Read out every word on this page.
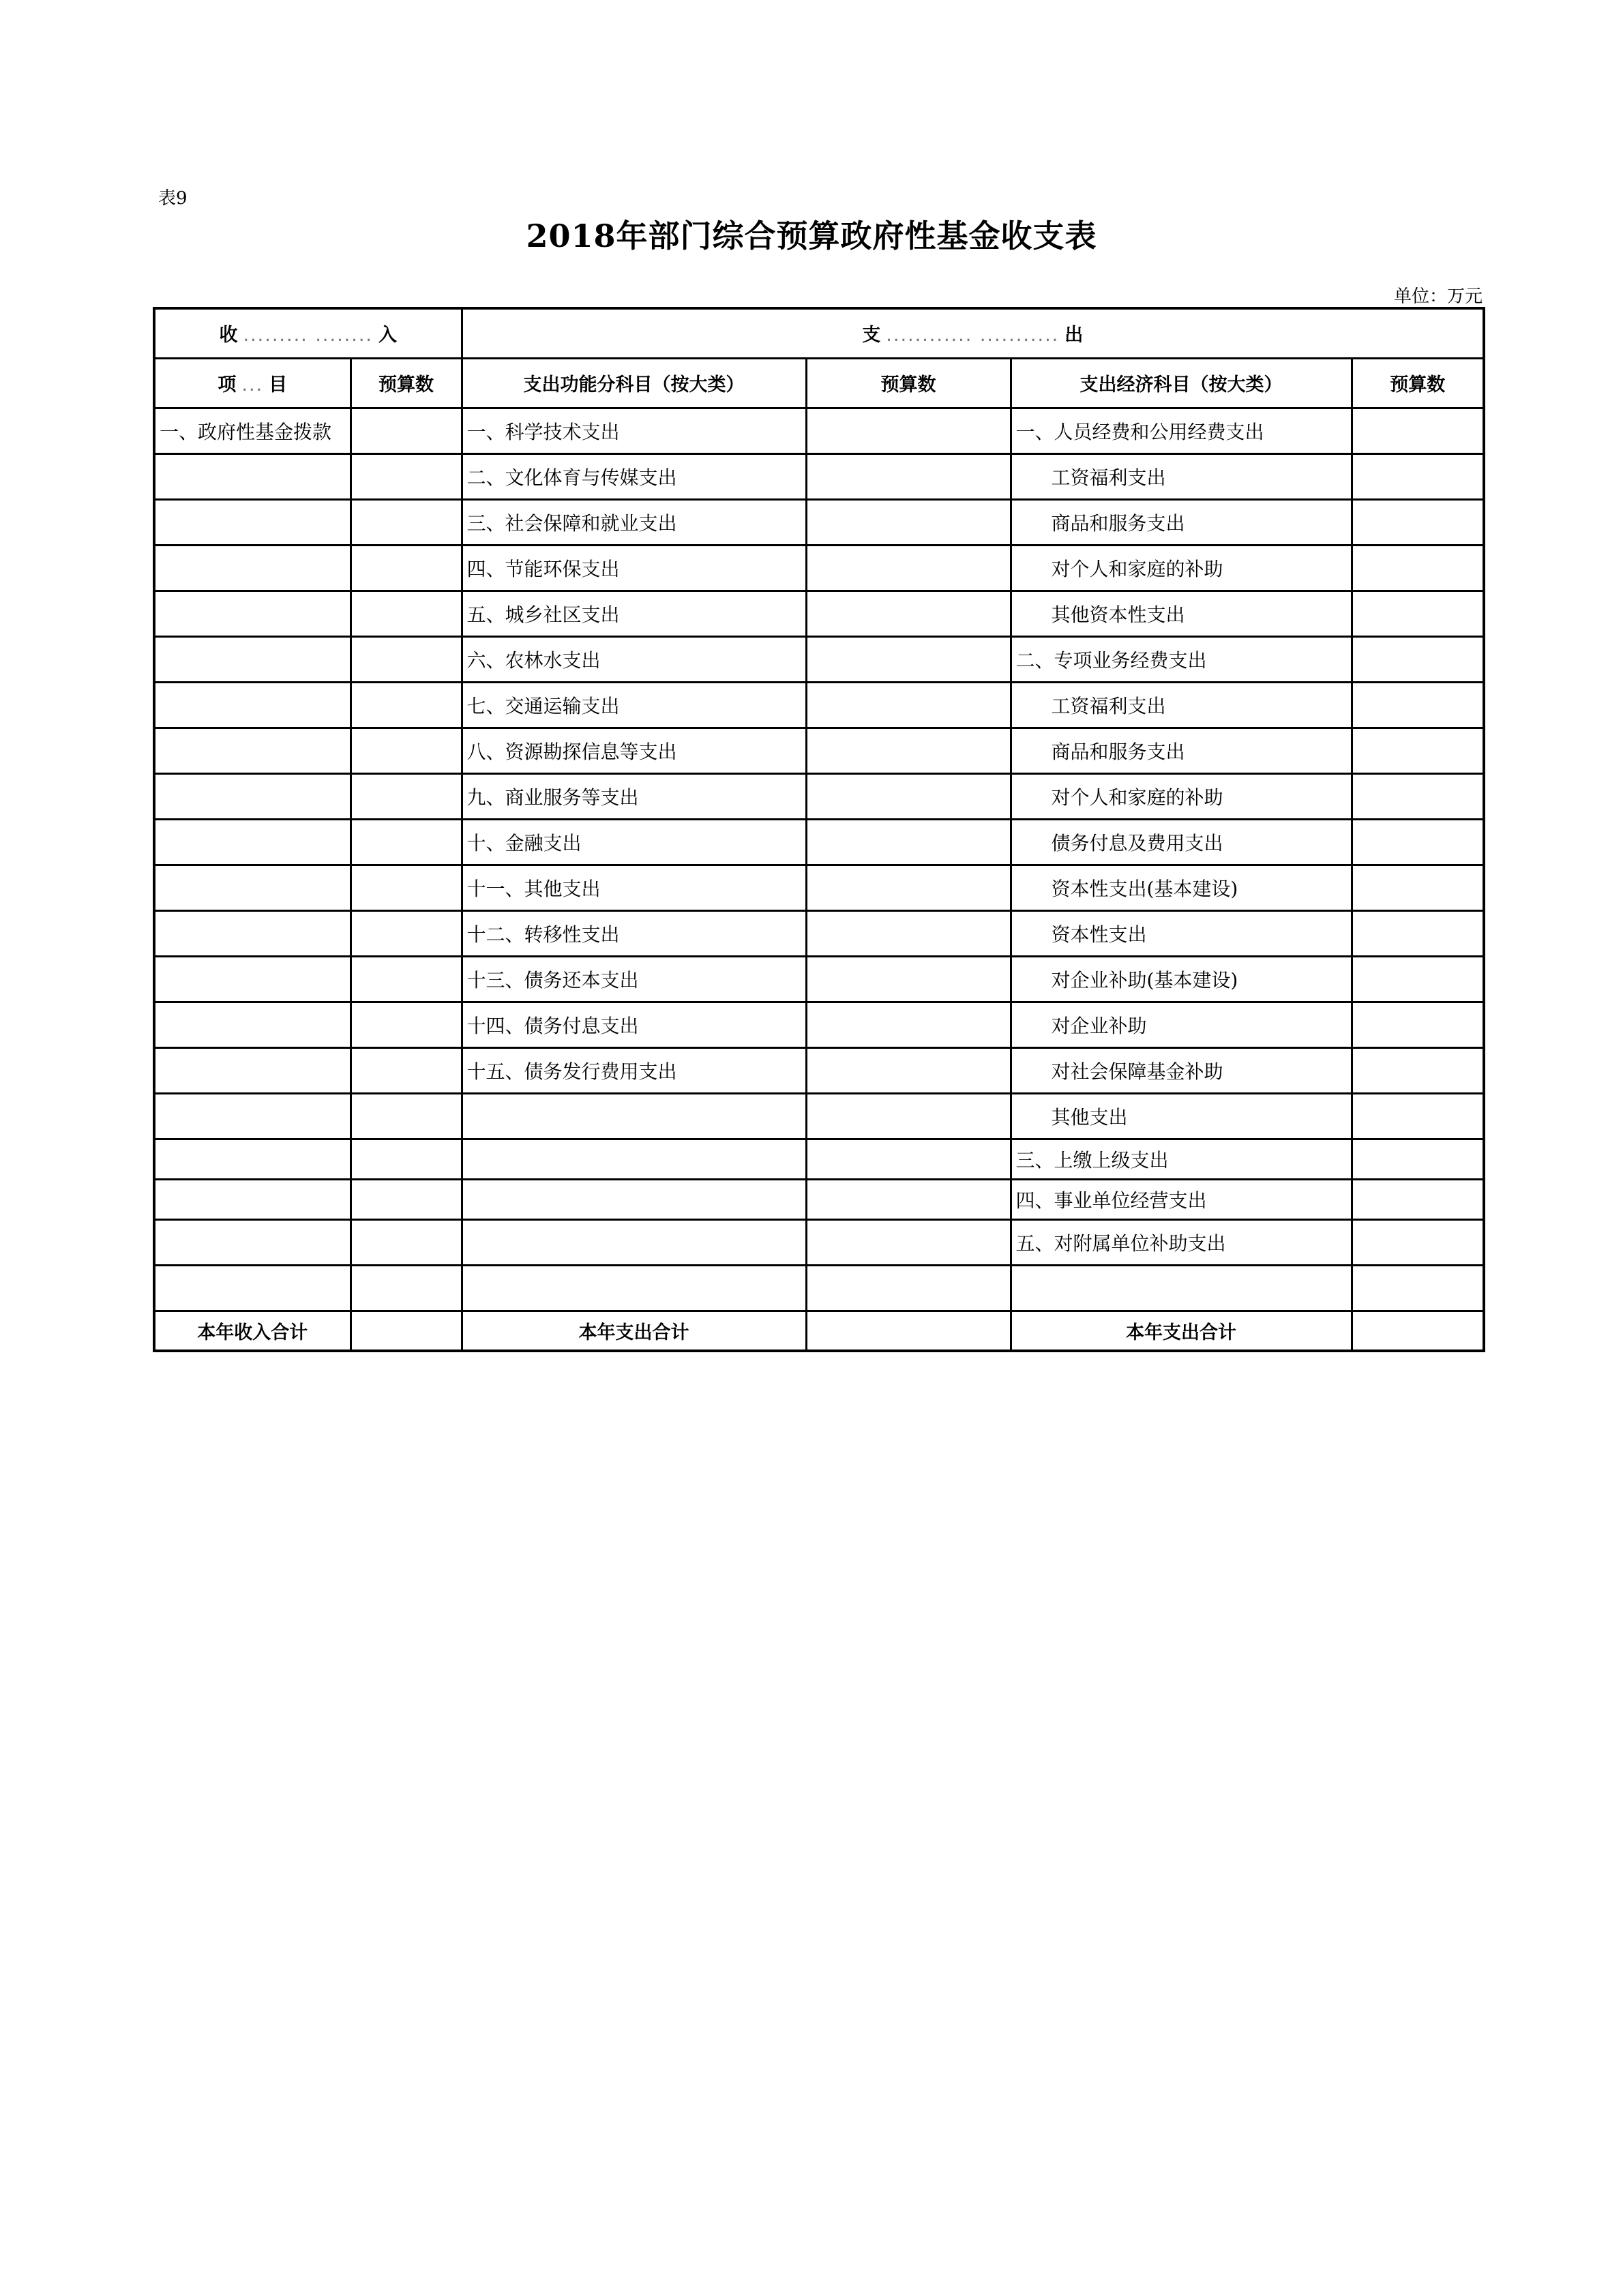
表9
2018年部门综合预算政府性基金收支表
单位：万元
收 ......... ........ 入		支 ............ ........... 出			
项 ... 目	预算数	支出功能分科目（按大类）	预算数	支出经济科目（按大类）	预算数
一、政府性基金拨款		一、科学技术支出		一、人员经费和公用经费支出	
		二、文化体育与传媒支出		工资福利支出	
		三、社会保障和就业支出		商品和服务支出	
		四、节能环保支出		对个人和家庭的补助	
		五、城乡社区支出		其他资本性支出	
		六、农林水支出		二、专项业务经费支出	
		七、交通运输支出		工资福利支出	
		八、资源勘探信息等支出		商品和服务支出	
		九、商业服务等支出		对个人和家庭的补助	
		十、金融支出		债务付息及费用支出	
		十一、其他支出		资本性支出(基本建设)	
		十二、转移性支出		资本性支出	
		十三、债务还本支出		对企业补助(基本建设)	
		十四、债务付息支出		对企业补助	
		十五、债务发行费用支出		对社会保障基金补助	
				其他支出	
				三、上缴上级支出	
				四、事业单位经营支出	
				五、对附属单位补助支出	

本年收入合计		本年支出合计		本年支出合计	
